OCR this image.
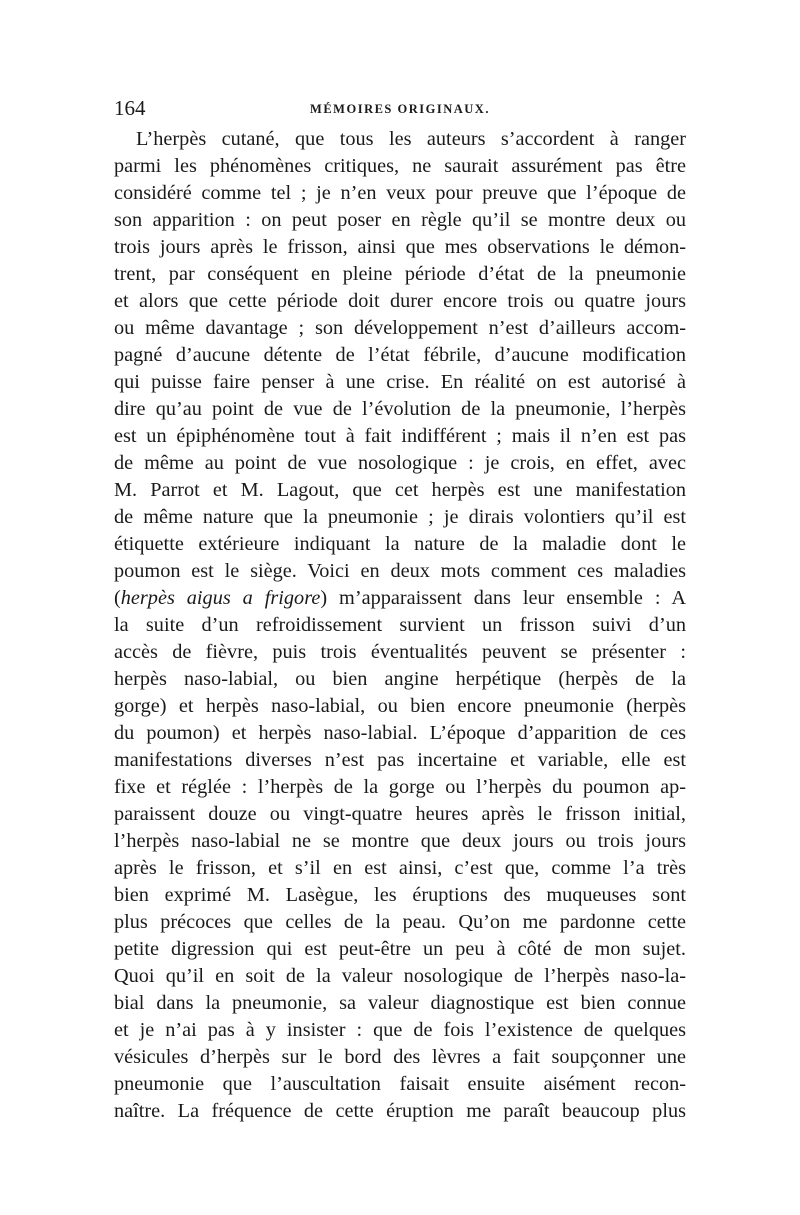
164	MÉMOIRES ORIGINAUX.
L’herpès cutané, que tous les auteurs s’accordent à ranger
parmi les phénomènes critiques, ne saurait assurément pas être
considéré comme tel ; je n’en veux pour preuve que l’époque de
son apparition : on peut poser en règle qu’il se montre deux ou
trois jours après le frisson, ainsi que mes observations le démon-
trent, par conséquent en pleine période d’état de la pneumonie
et alors que cette période doit durer encore trois ou quatre jours
ou même davantage ; son développement n’est d’ailleurs accom-
pagné d’aucune détente de l’état fébrile, d’aucune modification
qui puisse faire penser à une crise. En réalité on est autorisé à
dire qu’au point de vue de l’évolution de la pneumonie, l’herpès
est un épiphénomène tout à fait indifférent ; mais il n’en est pas
de même au point de vue nosologique : je crois, en effet, avec
M. Parrot et M. Lagout, que cet herpès est une manifestation
de même nature que la pneumonie ; je dirais volontiers qu’il est
étiquette extérieure indiquant la nature de la maladie dont le
poumon est le siège. Voici en deux mots comment ces maladies
(herpès aigus a frigore) m’apparaissent dans leur ensemble : A
la suite d’un refroidissement survient un frisson suivi d’un
accès de fièvre, puis trois éventualités peuvent se présenter :
herpès naso-labial, ou bien angine herpétique (herpès de la
gorge) et herpès naso-labial, ou bien encore pneumonie (herpès
du poumon) et herpès naso-labial. L’époque d’apparition de ces
manifestations diverses n’est pas incertaine et variable, elle est
fixe et réglée : l’herpès de la gorge ou l’herpès du poumon ap-
paraissent douze ou vingt-quatre heures après le frisson initial,
l’herpès naso-labial ne se montre que deux jours ou trois jours
après le frisson, et s’il en est ainsi, c’est que, comme l’a très
bien exprimé M. Lasègue, les éruptions des muqueuses sont
plus précoces que celles de la peau. Qu’on me pardonne cette
petite digression qui est peut-être un peu à côté de mon sujet.
Quoi qu’il en soit de la valeur nosologique de l’herpès naso-la-
bial dans la pneumonie, sa valeur diagnostique est bien connue
et je n’ai pas à y insister : que de fois l’existence de quelques
vésicules d’herpès sur le bord des lèvres a fait soupçonner une
pneumonie que l’auscultation faisait ensuite aisément recon-
naître. La fréquence de cette éruption me paraît beaucoup plus
